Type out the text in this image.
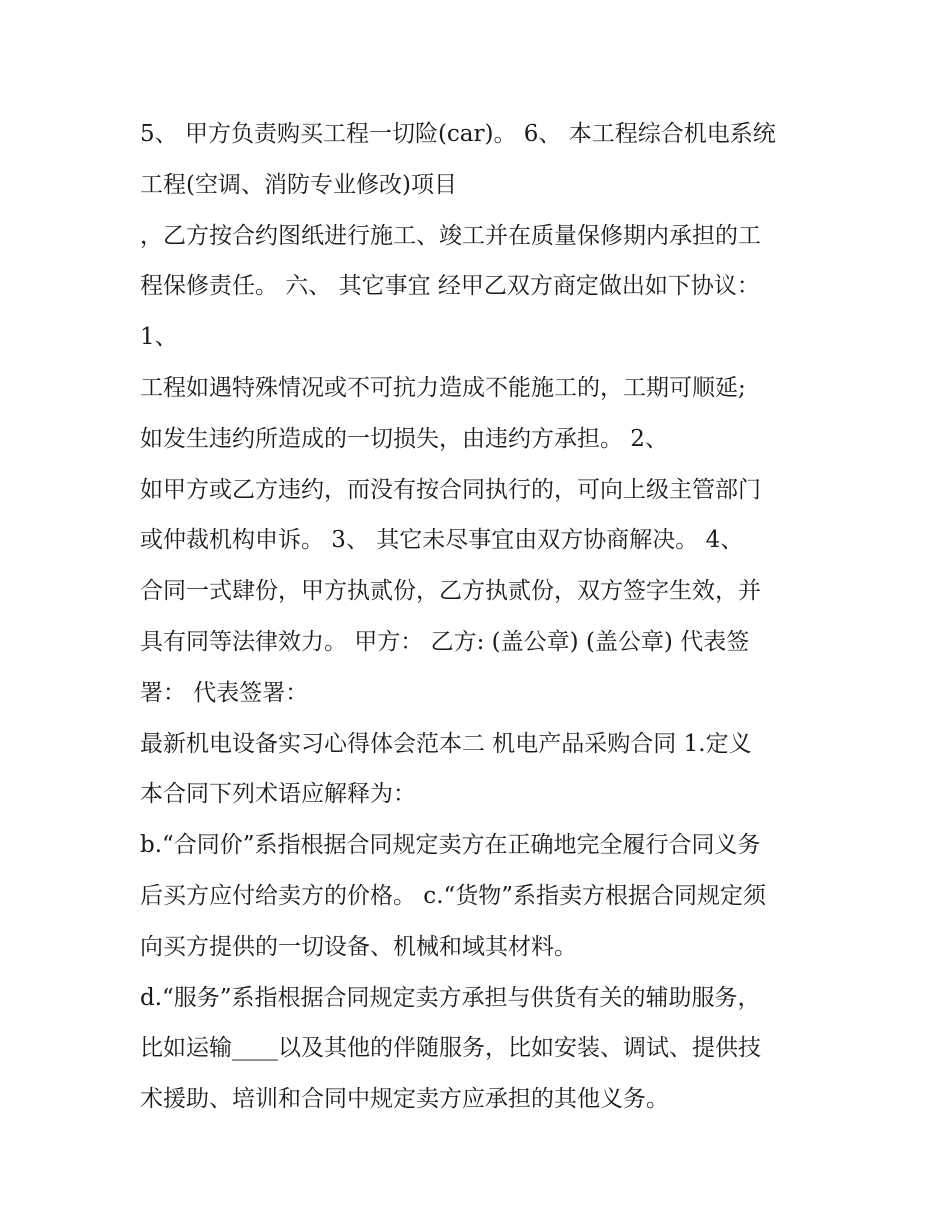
5、 甲方负责购买工程一切险(car)。 6、 本工程综合机电系统
工程(空调、消防专业修改)项目
，乙方按合约图纸进行施工、竣工并在质量保修期内承担的工
程保修责任。 六、 其它事宜 经甲乙双方商定做出如下协议：
1、
工程如遇特殊情况或不可抗力造成不能施工的，工期可顺延;
如发生违约所造成的一切损失，由违约方承担。 2、
如甲方或乙方违约，而没有按合同执行的，可向上级主管部门
或仲裁机构申诉。 3、 其它未尽事宜由双方协商解决。 4、
合同一式肆份，甲方执贰份，乙方执贰份，双方签字生效，并
具有同等法律效力。 甲方： 乙方: (盖公章) (盖公章) 代表签
署： 代表签署：
最新机电设备实习心得体会范本二 机电产品采购合同 1.定义
本合同下列术语应解释为：
b.“合同价”系指根据合同规定卖方在正确地完全履行合同义务
后买方应付给卖方的价格。 c.“货物”系指卖方根据合同规定须
向买方提供的一切设备、机械和域其材料。
d.“服务”系指根据合同规定卖方承担与供货有关的辅助服务，
比如运输____以及其他的伴随服务，比如安装、调试、提供技
术援助、培训和合同中规定卖方应承担的其他义务。
